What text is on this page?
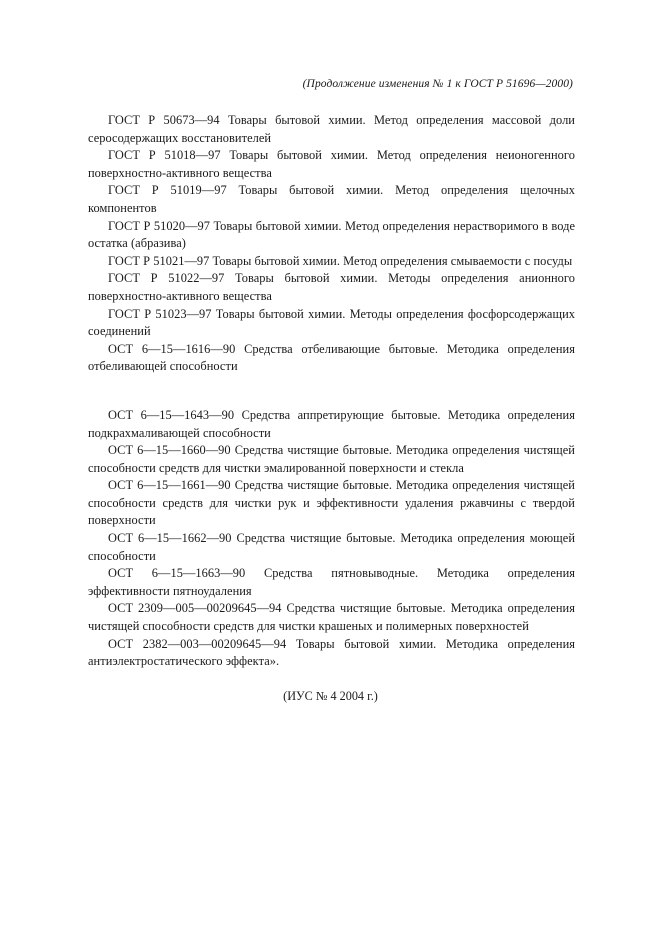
(Продолжение изменения № 1 к ГОСТ Р 51696—2000)

ГОСТ Р 50673—94 Товары бытовой химии. Метод определения массовой доли серосодержащих восстановителей

ГОСТ Р 51018—97 Товары бытовой химии. Метод определения неионогенного поверхностно-активного вещества

ГОСТ Р 51019—97 Товары бытовой химии. Метод определения щелочных компонентов

ГОСТ Р 51020—97 Товары бытовой химии. Метод определения нерастворимого в воде остатка (абразива)

ГОСТ Р 51021—97 Товары бытовой химии. Метод определения смываемости с посуды

ГОСТ Р 51022—97 Товары бытовой химии. Методы определения анионного поверхностно-активного вещества

ГОСТ Р 51023—97 Товары бытовой химии. Методы определения фосфорсодержащих соединений

ОСТ 6—15—1616—90 Средства отбеливающие бытовые. Методика определения отбеливающей способности

ОСТ 6—15—1643—90 Средства аппретирующие бытовые. Методика определения подкрахмаливающей способности

ОСТ 6—15—1660—90 Средства чистящие бытовые. Методика определения чистящей способности средств для чистки эмалированной поверхности и стекла

ОСТ 6—15—1661—90 Средства чистящие бытовые. Методика определения чистящей способности средств для чистки рук и эффективности удаления ржавчины с твердой поверхности

ОСТ 6—15—1662—90 Средства чистящие бытовые. Методика определения моющей способности

ОСТ 6—15—1663—90 Средства пятновыводные. Методика определения эффективности пятноудаления

ОСТ 2309—005—00209645—94 Средства чистящие бытовые. Методика определения чистящей способности средств для чистки крашеных и полимерных поверхностей

ОСТ 2382—003—00209645—94 Товары бытовой химии. Методика определения антиэлектростатического эффекта».

(ИУС № 4 2004 г.)
